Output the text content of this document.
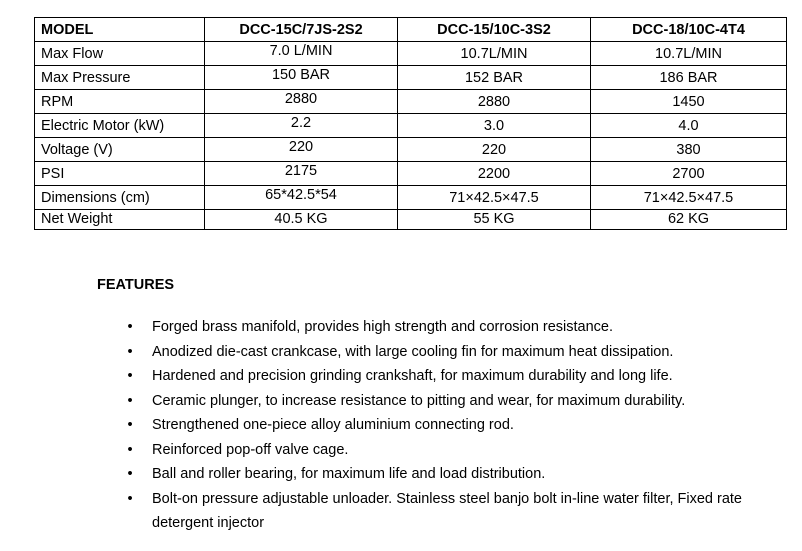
MODEL	DCC-15C/7JS-2S2	DCC-15/10C-3S2	DCC-18/10C-4T4
Max Flow	7.0 L/MIN	10.7L/MIN	10.7L/MIN
Max Pressure	150 BAR	152 BAR	186 BAR
RPM	2880	2880	1450
Electric Motor (kW)	2.2	3.0	4.0
Voltage (V)	220	220	380
PSI	2175	2200	2700
Dimensions (cm)	65*42.5*54	71×42.5×47.5	71×42.5×47.5
Net Weight	40.5 KG	55 KG	62 KG
FEATURES
• Forged brass manifold, provides high strength and corrosion resistance.
• Anodized die-cast crankcase, with large cooling fin for maximum heat dissipation.
• Hardened and precision grinding crankshaft, for maximum durability and long life.
• Ceramic plunger, to increase resistance to pitting and wear, for maximum durability.
• Strengthened one-piece alloy aluminium connecting rod.
• Reinforced pop-off valve cage.
• Ball and roller bearing, for maximum life and load distribution.
• Bolt-on pressure adjustable unloader. Stainless steel banjo bolt in-line water filter, Fixed rate detergent injector
